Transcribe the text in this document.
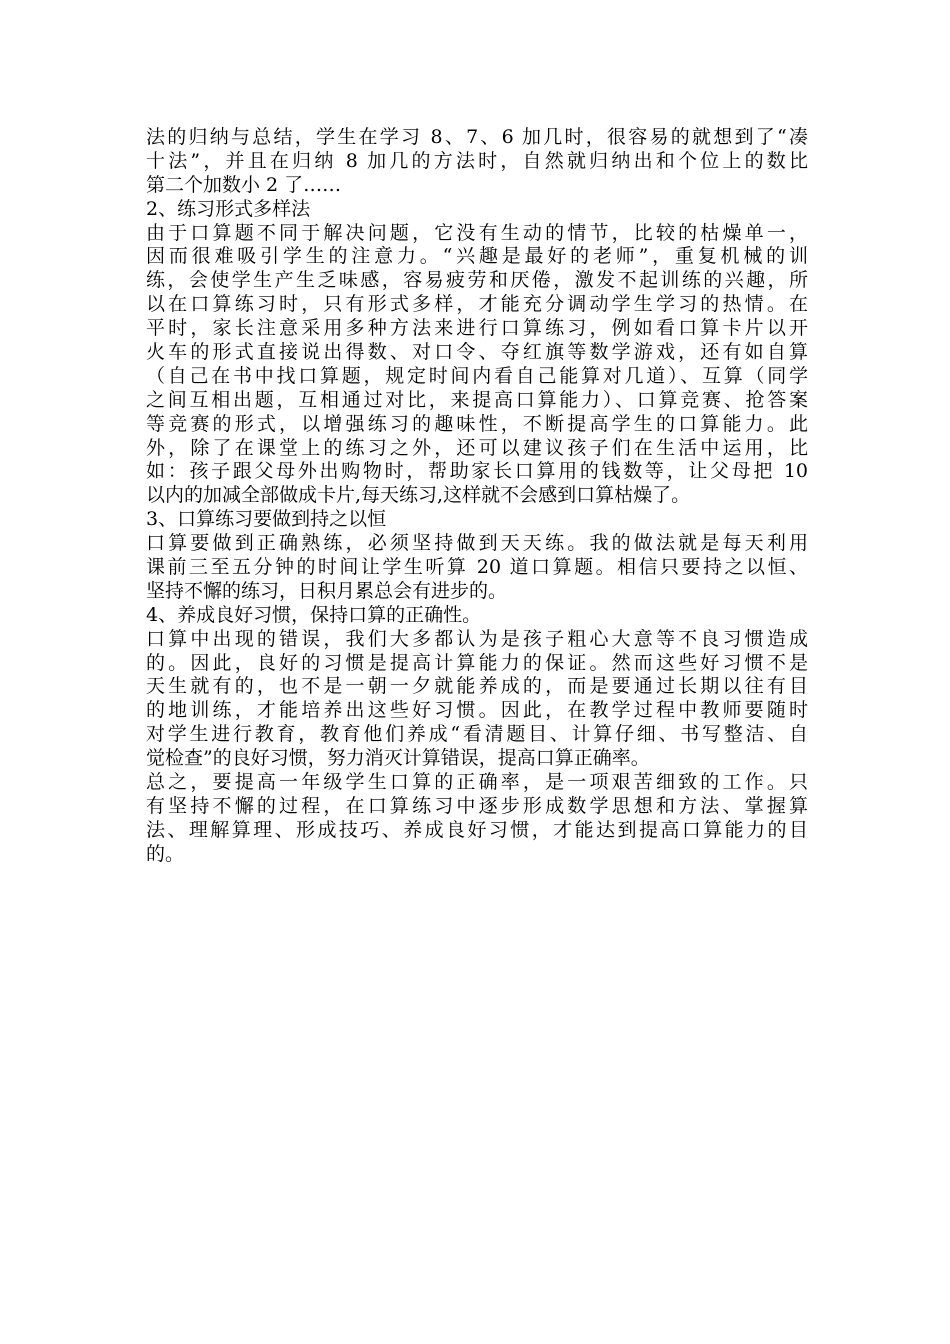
法的归纳与总结，学生在学习 8、7、6 加几时，很容易的就想到了“凑
十法”，并且在归纳 8 加几的方法时，自然就归纳出和个位上的数比
第二个加数小 2 了……
2、练习形式多样法
由于口算题不同于解决问题，它没有生动的情节，比较的枯燥单一，
因而很难吸引学生的注意力。“兴趣是最好的老师”，重复机械的训
练，会使学生产生乏味感，容易疲劳和厌倦，激发不起训练的兴趣，所
以在口算练习时，只有形式多样，才能充分调动学生学习的热情。在
平时，家长注意采用多种方法来进行口算练习，例如看口算卡片以开
火车的形式直接说出得数、对口令、夺红旗等数学游戏，还有如自算
（自己在书中找口算题，规定时间内看自己能算对几道）、互算（同学
之间互相出题，互相通过对比，来提高口算能力）、口算竞赛、抢答案
等竞赛的形式，以增强练习的趣味性，不断提高学生的口算能力。此
外，除了在课堂上的练习之外，还可以建议孩子们在生活中运用，比
如：孩子跟父母外出购物时，帮助家长口算用的钱数等，让父母把 10
以内的加减全部做成卡片,每天练习,这样就不会感到口算枯燥了。
3、口算练习要做到持之以恒
口算要做到正确熟练，必须坚持做到天天练。我的做法就是每天利用
课前三至五分钟的时间让学生听算 20 道口算题。相信只要持之以恒、
坚持不懈的练习，日积月累总会有进步的。
4、养成良好习惯，保持口算的正确性。
口算中出现的错误，我们大多都认为是孩子粗心大意等不良习惯造成
的。因此，良好的习惯是提高计算能力的保证。然而这些好习惯不是
天生就有的，也不是一朝一夕就能养成的，而是要通过长期以往有目
的地训练，才能培养出这些好习惯。因此，在教学过程中教师要随时
对学生进行教育，教育他们养成“看清题目、计算仔细、书写整洁、自
觉检查”的良好习惯，努力消灭计算错误，提高口算正确率。
总之，要提高一年级学生口算的正确率，是一项艰苦细致的工作。只
有坚持不懈的过程，在口算练习中逐步形成数学思想和方法、掌握算
法、理解算理、形成技巧、养成良好习惯，才能达到提高口算能力的目
的。
